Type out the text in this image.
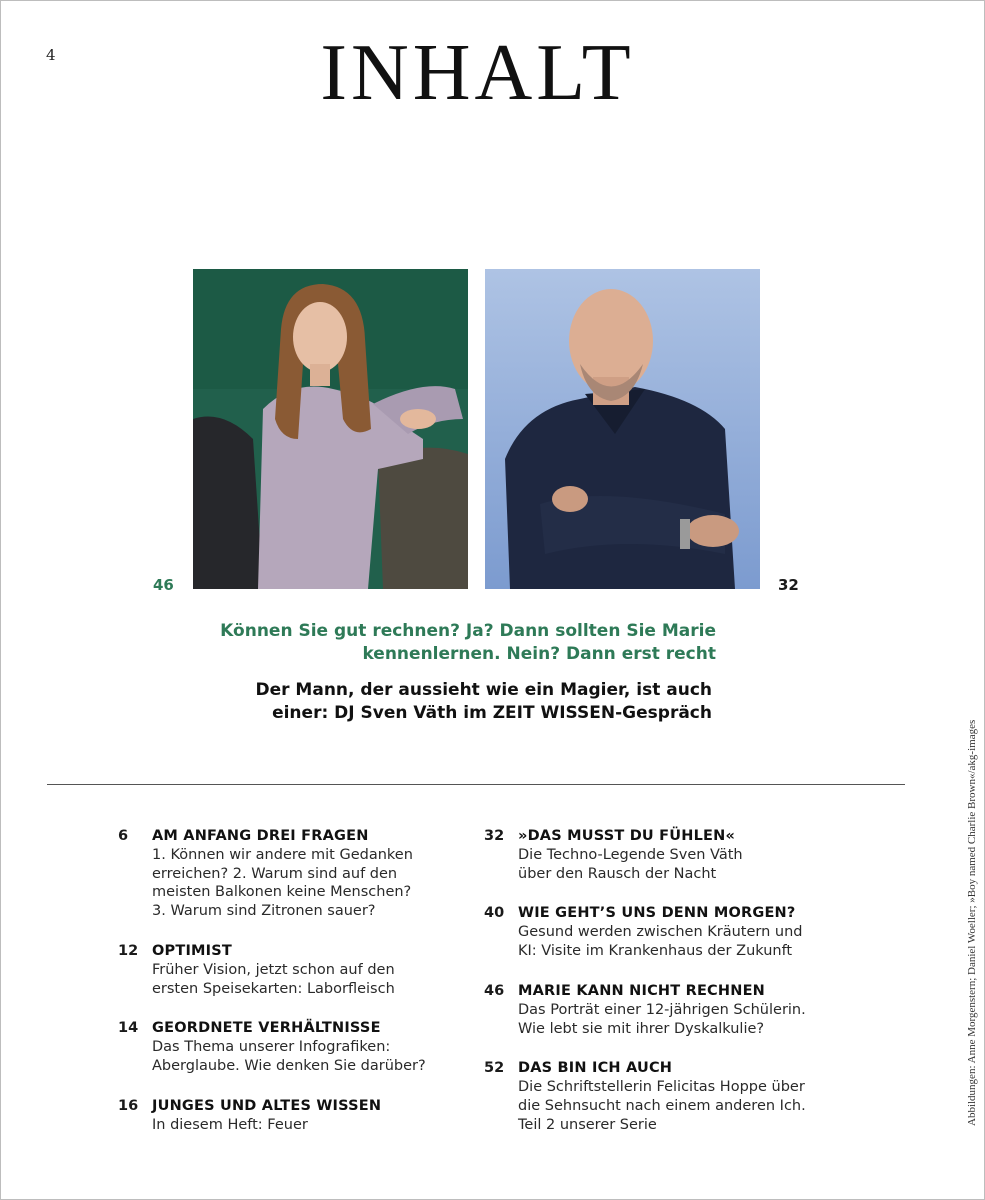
4	INHALT
46	32
Können Sie gut rechnen? Ja? Dann sollten Sie Marie
kennenlernen. Nein? Dann erst recht
Der Mann, der aussieht wie ein Magier, ist auch
einer: DJ Sven Väth im ZEIT WISSEN-Gespräch
6 AM ANFANG DREI FRAGEN
1. Können wir andere mit Gedanken
erreichen? 2. Warum sind auf den
meisten Balkonen keine Menschen?
3. Warum sind Zitronen sauer?
12 OPTIMIST
Früher Vision, jetzt schon auf den
ersten Speisekarten: Laborfleisch
14 GEORDNETE VERHÄLTNISSE
Das Thema unserer Infografiken:
Aberglaube. Wie denken Sie darüber?
16 JUNGES UND ALTES WISSEN
In diesem Heft: Feuer
32 »DAS MUSST DU FÜHLEN«
Die Techno-Legende Sven Väth
über den Rausch der Nacht
40 WIE GEHT’S UNS DENN MORGEN?
Gesund werden zwischen Kräutern und
KI: Visite im Krankenhaus der Zukunft
46 MARIE KANN NICHT RECHNEN
Das Porträt einer 12-jährigen Schülerin.
Wie lebt sie mit ihrer Dyskalkulie?
52 DAS BIN ICH AUCH
Die Schriftstellerin Felicitas Hoppe über
die Sehnsucht nach einem anderen Ich.
Teil 2 unserer Serie	Abbildungen: Anne Morgenstern; Daniel Woeller; »Boy named Charlie Brown«/akg-images
